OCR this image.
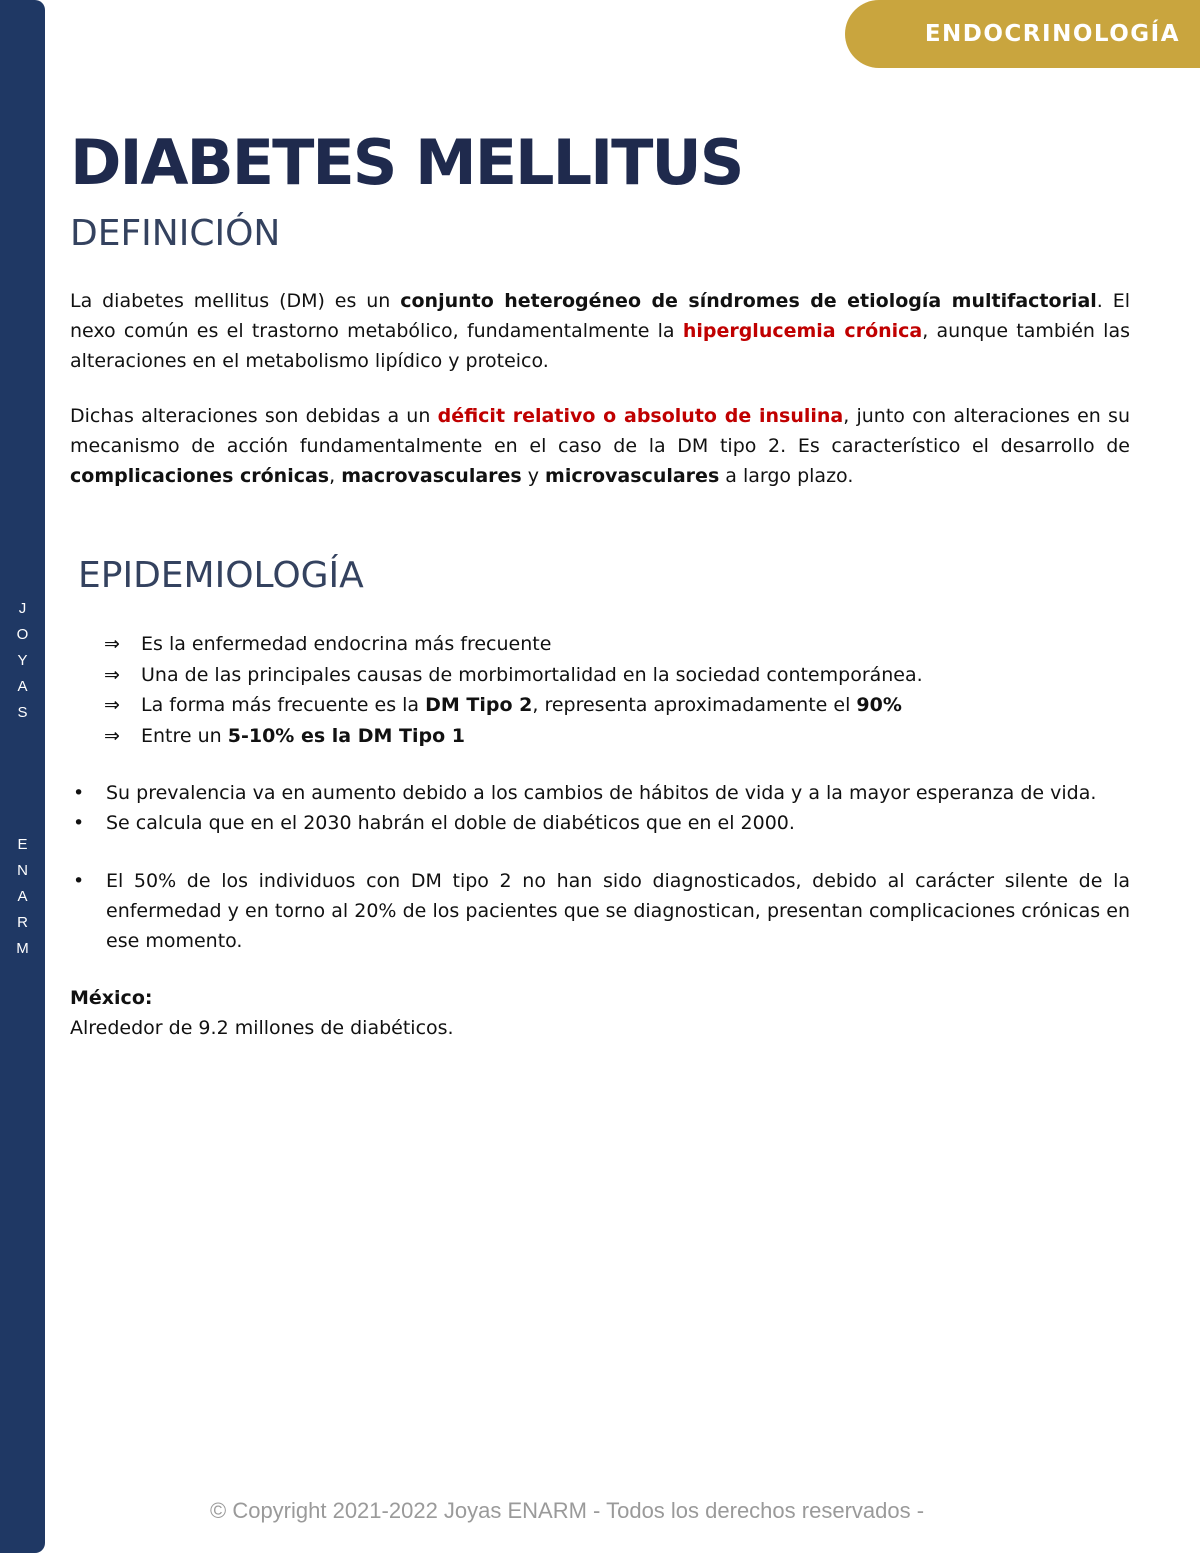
J
O
Y
A
S
E
N
A
R
M
ENDOCRINOLOGÍA
DIABETES MELLITUS
DEFINICIÓN

La diabetes mellitus (DM) es un conjunto heterogéneo de síndromes de etiología multifactorial. El nexo común es el trastorno metabólico, fundamentalmente la hiperglucemia crónica, aunque también las alteraciones en el metabolismo lipídico y proteico.

Dichas alteraciones son debidas a un déficit relativo o absoluto de insulina, junto con alteraciones en su mecanismo de acción fundamentalmente en el caso de la DM tipo 2. Es característico el desarrollo de complicaciones crónicas, macrovasculares y microvasculares a largo plazo.

EPIDEMIOLOGÍA
⇒ Es la enfermedad endocrina más frecuente
⇒ Una de las principales causas de morbimortalidad en la sociedad contemporánea.
⇒ La forma más frecuente es la DM Tipo 2, representa aproximadamente el 90%
⇒ Entre un 5-10% es la DM Tipo 1
• Su prevalencia va en aumento debido a los cambios de hábitos de vida y a la mayor esperanza de vida.
• Se calcula que en el 2030 habrán el doble de diabéticos que en el 2000.
• El 50% de los individuos con DM tipo 2 no han sido diagnosticados, debido al carácter silente de la enfermedad y en torno al 20% de los pacientes que se diagnostican, presentan complicaciones crónicas en ese momento.

México:
Alrededor de 9.2 millones de diabéticos.

© Copyright 2021-2022 Joyas ENARM - Todos los derechos reservados -
